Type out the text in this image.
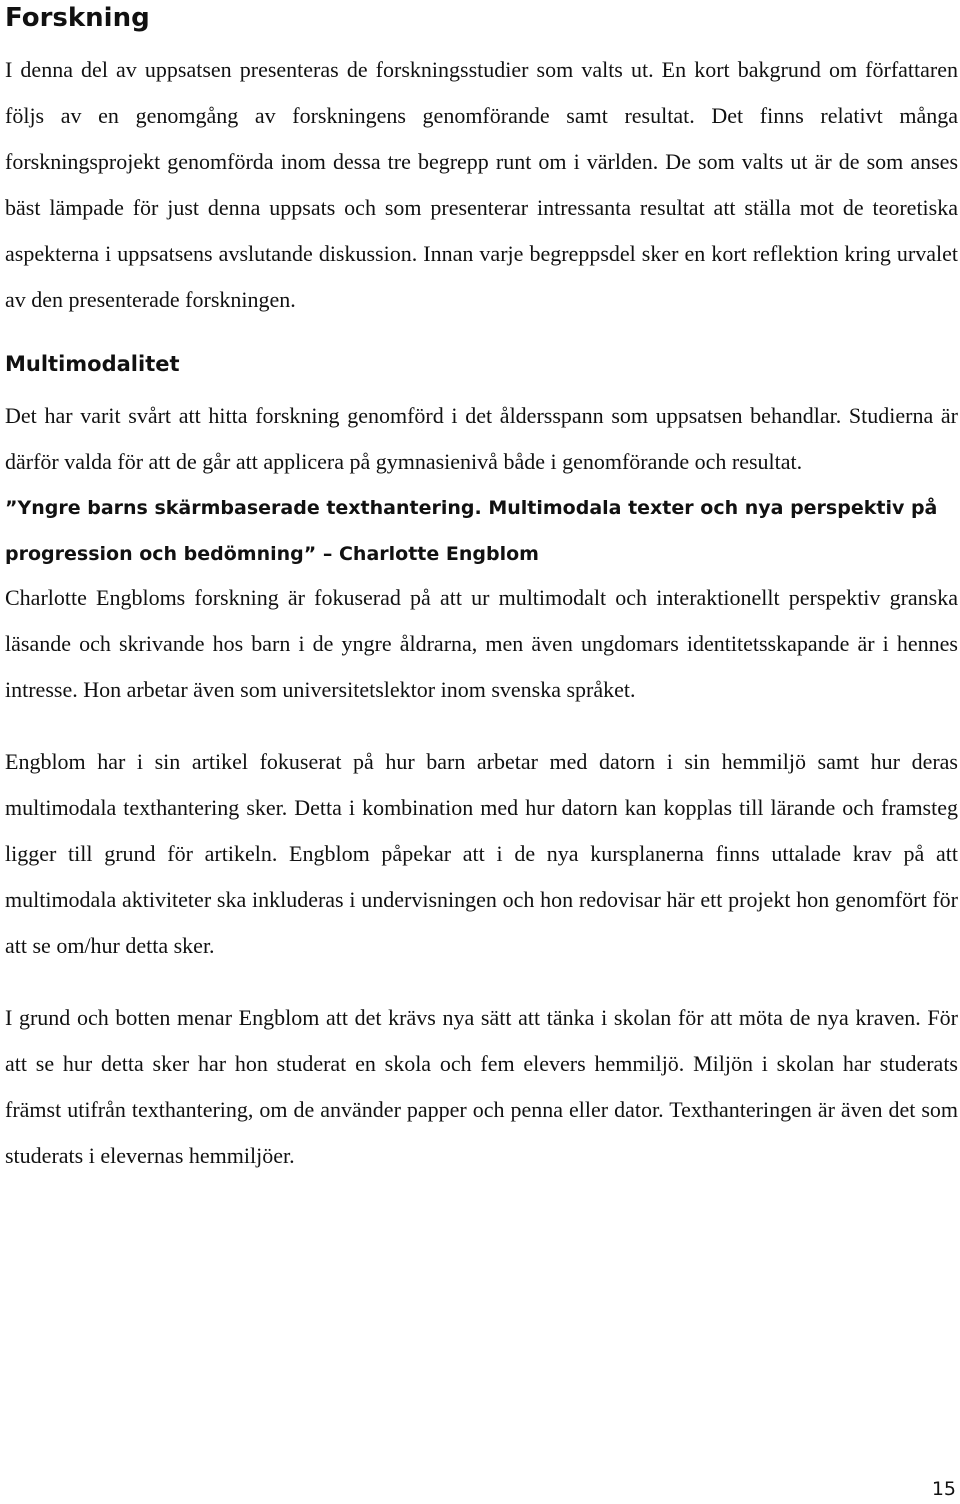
Forskning

I denna del av uppsatsen presenteras de forskningsstudier som valts ut. En kort bakgrund om författaren följs av en genomgång av forskningens genomförande samt resultat. Det finns relativt många forskningsprojekt genomförda inom dessa tre begrepp runt om i världen. De som valts ut är de som anses bäst lämpade för just denna uppsats och som presenterar intressanta resultat att ställa mot de teoretiska aspekterna i uppsatsens avslutande diskussion. Innan varje begreppsdel sker en kort reflektion kring urvalet av den presenterade forskningen.

Multimodalitet

Det har varit svårt att hitta forskning genomförd i det åldersspann som uppsatsen behandlar. Studierna är därför valda för att de går att applicera på gymnasienivå både i genomförande och resultat.

”Yngre barns skärmbaserade texthantering. Multimodala texter och nya perspektiv på progression och bedömning” – Charlotte Engblom

Charlotte Engbloms forskning är fokuserad på att ur multimodalt och interaktionellt perspektiv granska läsande och skrivande hos barn i de yngre åldrarna, men även ungdomars identitetsskapande är i hennes intresse. Hon arbetar även som universitetslektor inom svenska språket.

Engblom har i sin artikel fokuserat på hur barn arbetar med datorn i sin hemmiljö samt hur deras multimodala texthantering sker. Detta i kombination med hur datorn kan kopplas till lärande och framsteg ligger till grund för artikeln. Engblom påpekar att i de nya kursplanerna finns uttalade krav på att multimodala aktiviteter ska inkluderas i undervisningen och hon redovisar här ett projekt hon genomfört för att se om/hur detta sker.

I grund och botten menar Engblom att det krävs nya sätt att tänka i skolan för att möta de nya kraven. För att se hur detta sker har hon studerat en skola och fem elevers hemmiljö. Miljön i skolan har studerats främst utifrån texthantering, om de använder papper och penna eller dator. Texthanteringen är även det som studerats i elevernas hemmiljöer.

15
